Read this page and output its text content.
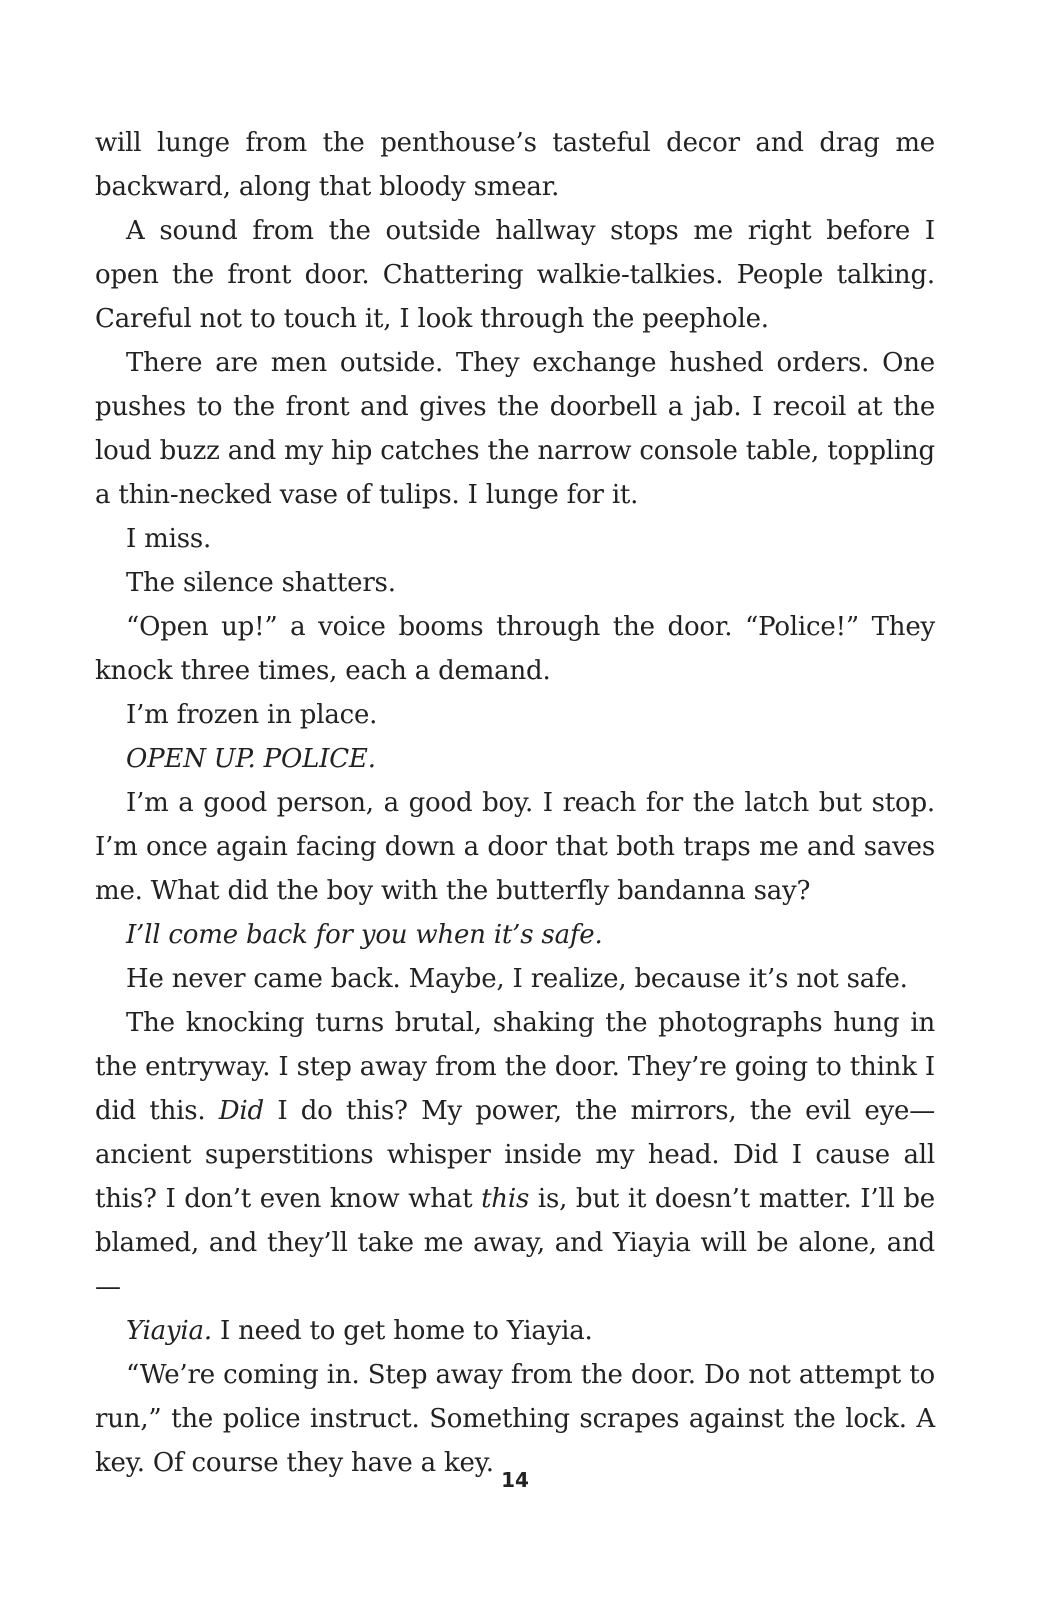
will lunge from the penthouse’s tasteful decor and drag me backward, along that bloody smear.

A sound from the outside hallway stops me right before I open the front door. Chattering walkie-talkies. People talking. Careful not to touch it, I look through the peephole.

There are men outside. They exchange hushed orders. One pushes to the front and gives the doorbell a jab. I recoil at the loud buzz and my hip catches the narrow console table, toppling a thin-necked vase of tulips. I lunge for it.

I miss.

The silence shatters.

“Open up!” a voice booms through the door. “Police!” They knock three times, each a demand.

I’m frozen in place.

OPEN UP. POLICE.

I’m a good person, a good boy. I reach for the latch but stop. I’m once again facing down a door that both traps me and saves me. What did the boy with the butterfly bandanna say?

I’ll come back for you when it’s safe.

He never came back. Maybe, I realize, because it’s not safe.

The knocking turns brutal, shaking the photographs hung in the entryway. I step away from the door. They’re going to think I did this. Did I do this? My power, the mirrors, the evil eye—ancient superstitions whisper inside my head. Did I cause all this? I don’t even know what this is, but it doesn’t matter. I’ll be blamed, and they’ll take me away, and Yiayia will be alone, and—

Yiayia. I need to get home to Yiayia.

“We’re coming in. Step away from the door. Do not attempt to run,” the police instruct. Something scrapes against the lock. A key. Of course they have a key.

14
